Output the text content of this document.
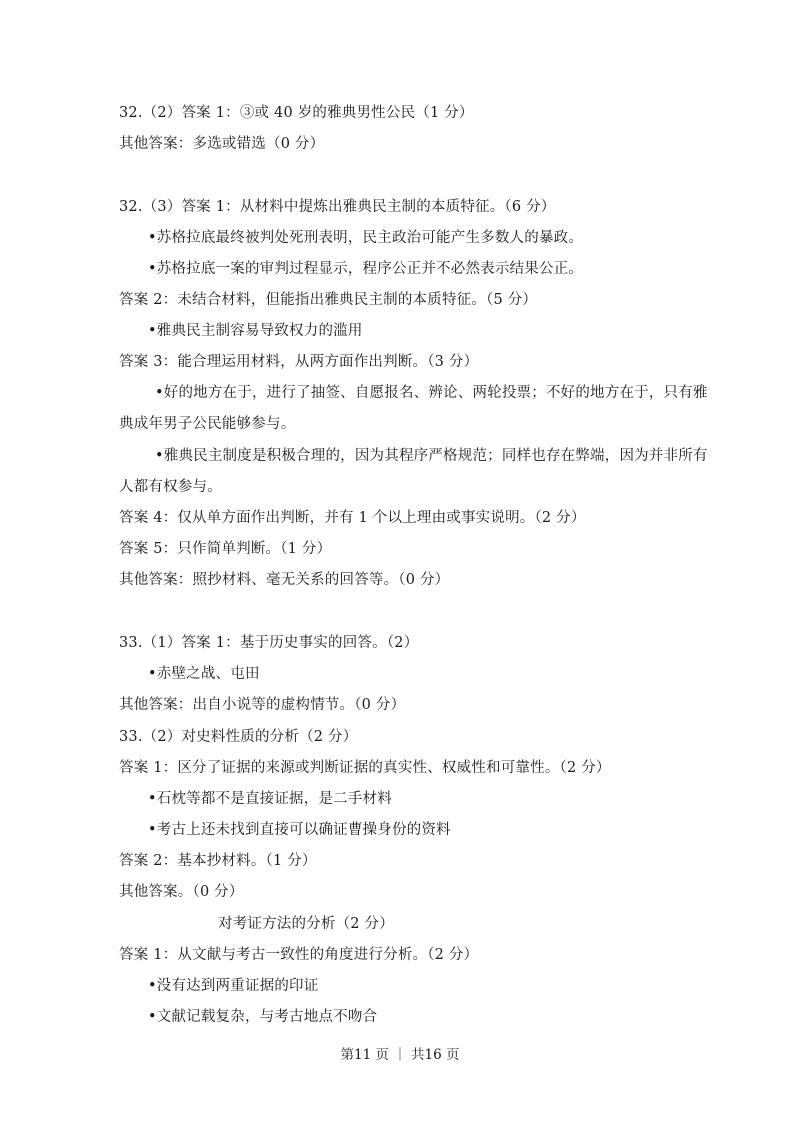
32.（2）答案 1：③或 40 岁的雅典男性公民（1 分）
其他答案：多选或错选（0 分）
32.（3）答案 1：从材料中提炼出雅典民主制的本质特征。（6 分）
•苏格拉底最终被判处死刑表明，民主政治可能产生多数人的暴政。
•苏格拉底一案的审判过程显示，程序公正并不必然表示结果公正。
答案 2：未结合材料，但能指出雅典民主制的本质特征。（5 分）
•雅典民主制容易导致权力的滥用
答案 3：能合理运用材料，从两方面作出判断。（3 分）
•好的地方在于，进行了抽签、自愿报名、辨论、两轮投票；不好的地方在于，只有雅
典成年男子公民能够参与。
•雅典民主制度是积极合理的，因为其程序严格规范；同样也存在弊端，因为并非所有
人都有权参与。
答案 4：仅从单方面作出判断，并有 1 个以上理由或事实说明。（2 分）
答案 5：只作简单判断。（1 分）
其他答案：照抄材料、毫无关系的回答等。（0 分）
33.（1）答案 1：基于历史事实的回答。（2）
•赤壁之战、屯田
其他答案：出自小说等的虚构情节。（0 分）
33.（2）对史料性质的分析（2 分）
答案 1：区分了证据的来源或判断证据的真实性、权威性和可靠性。（2 分）
•石枕等都不是直接证据，是二手材料
•考古上还未找到直接可以确证曹操身份的资料
答案 2：基本抄材料。（1 分）
其他答案。（0 分）
对考证方法的分析（2 分）
答案 1：从文献与考古一致性的角度进行分析。（2 分）
•没有达到两重证据的印证
•文献记载复杂，与考古地点不吻合
第11 页 ｜ 共16 页
